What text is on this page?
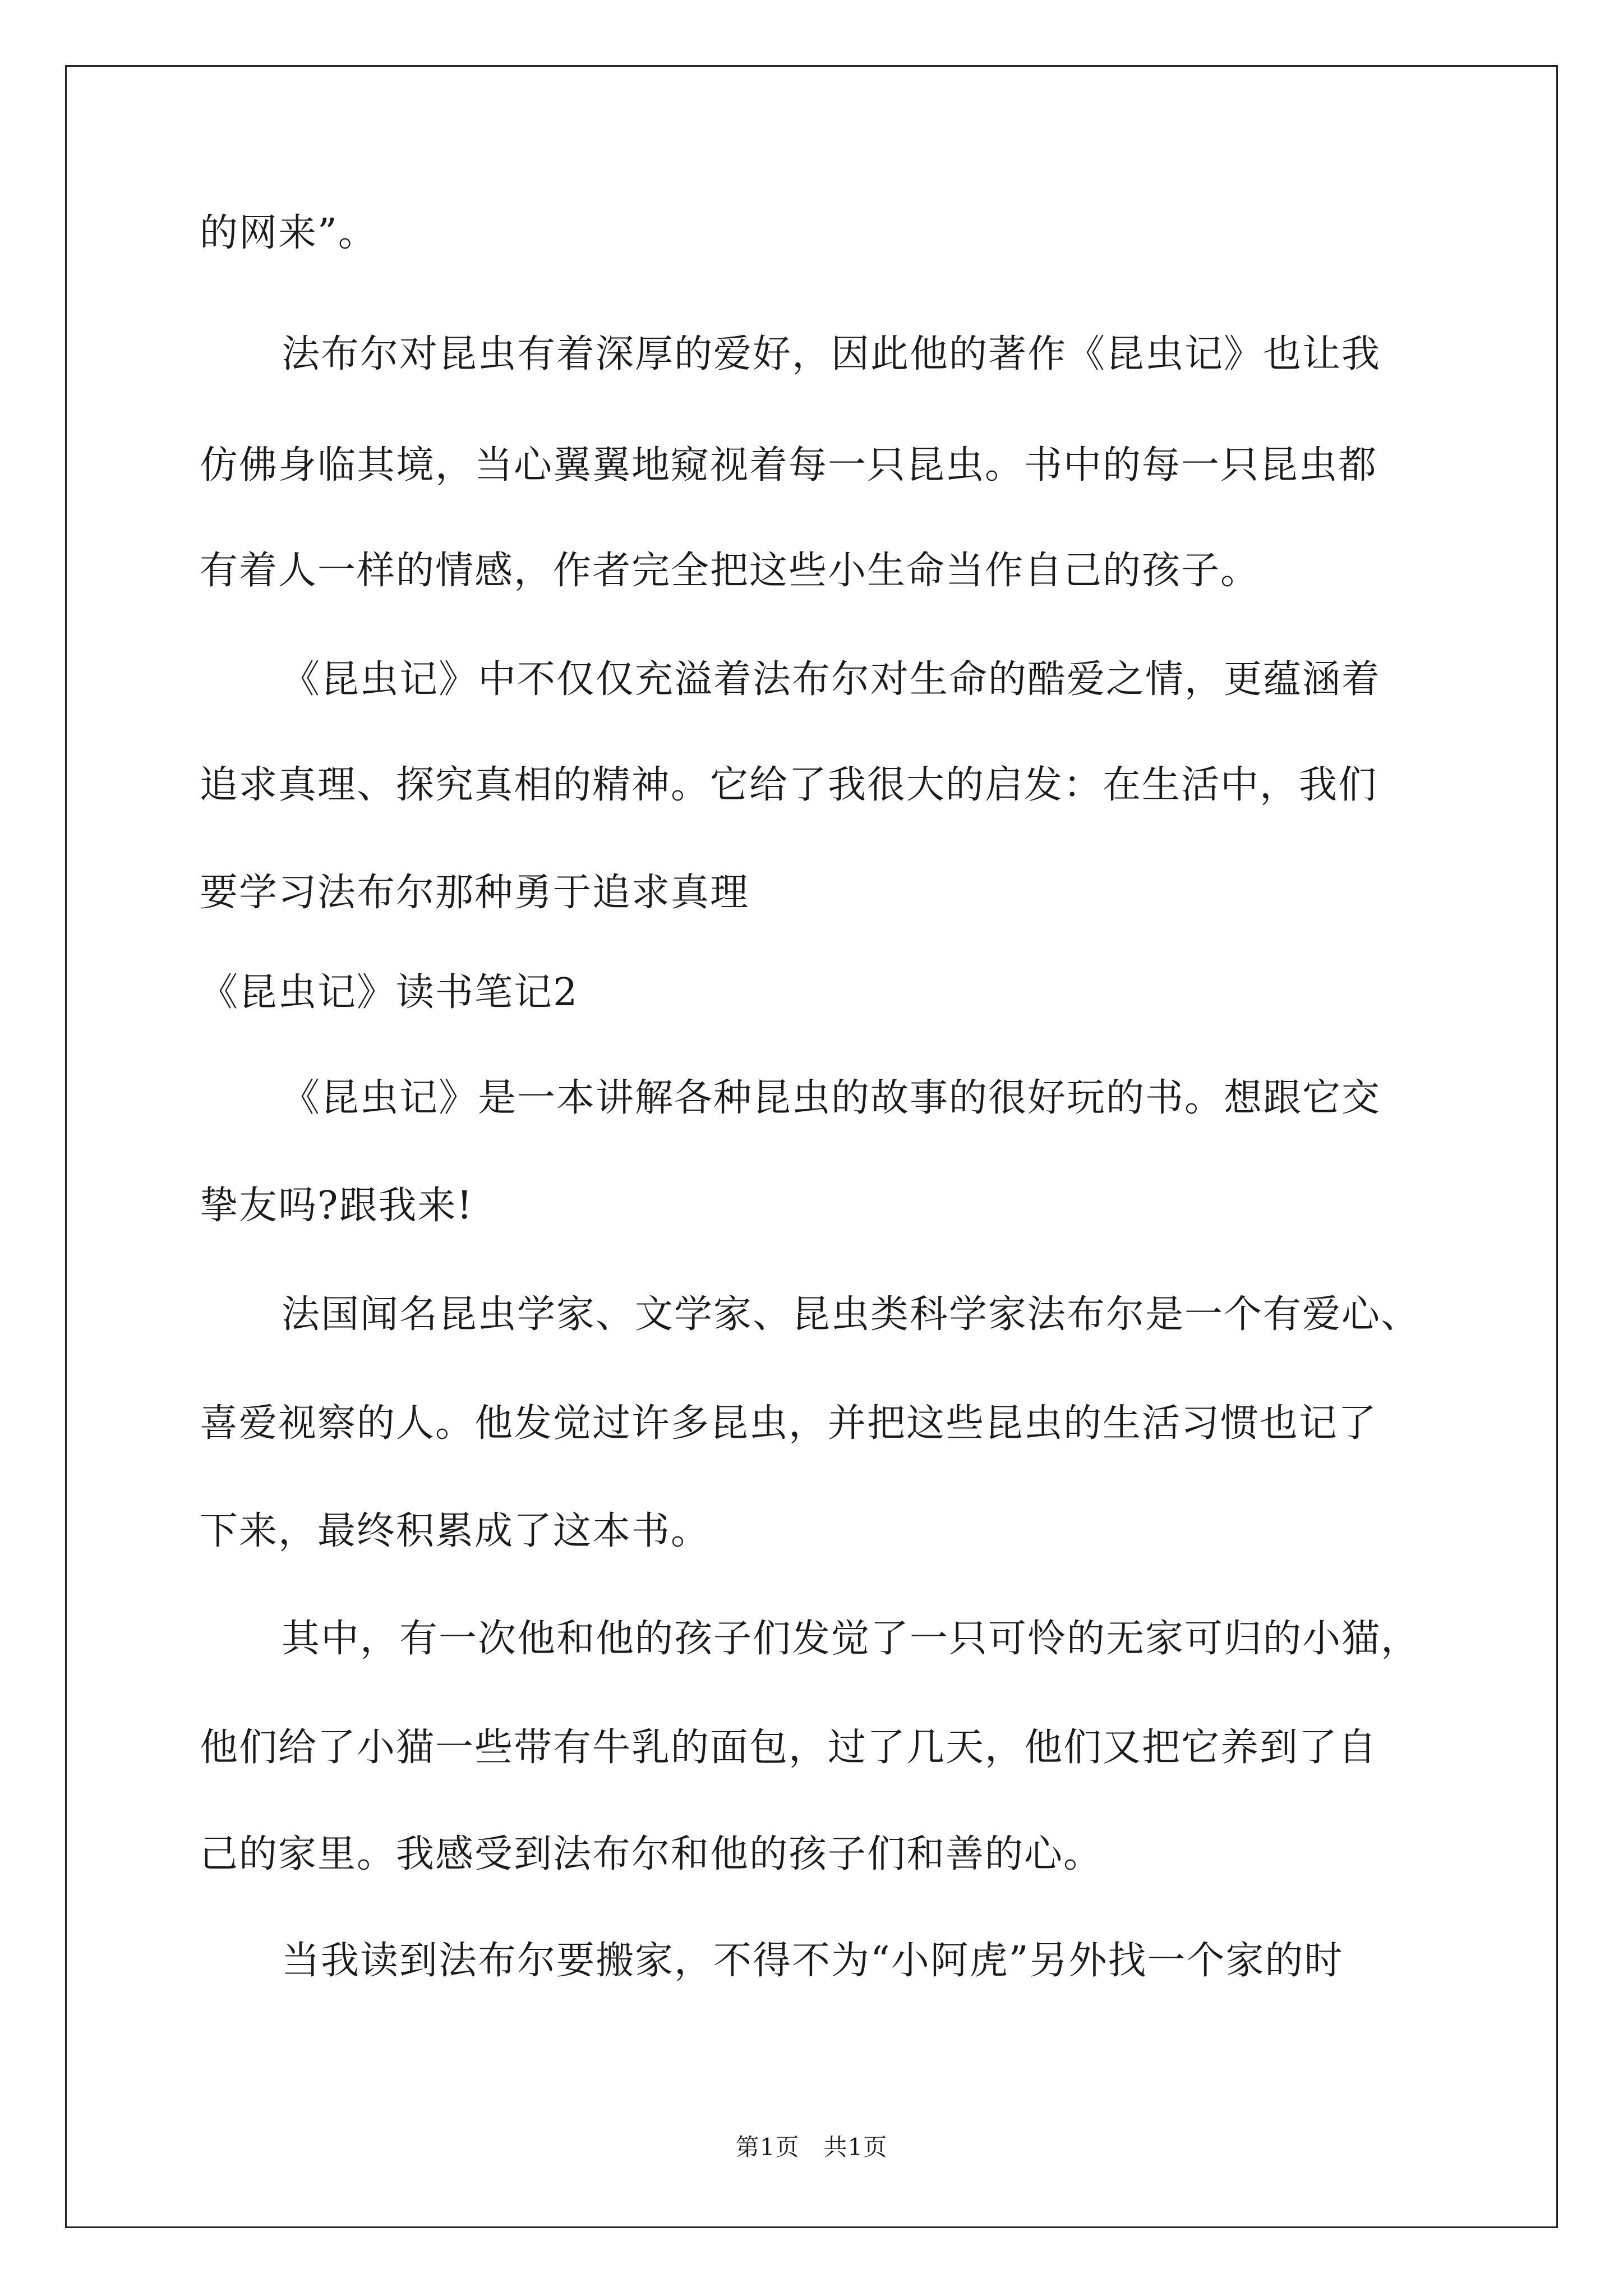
的网来”。
法布尔对昆虫有着深厚的爱好，因此他的著作《昆虫记》也让我
仿佛身临其境，当心翼翼地窥视着每一只昆虫。书中的每一只昆虫都
有着人一样的情感，作者完全把这些小生命当作自己的孩子。
《昆虫记》中不仅仅充溢着法布尔对生命的酷爱之情，更蕴涵着
追求真理、探究真相的精神。它给了我很大的启发：在生活中，我们
要学习法布尔那种勇于追求真理
《昆虫记》读书笔记2
《昆虫记》是一本讲解各种昆虫的故事的很好玩的书。想跟它交
挚友吗?跟我来!
法国闻名昆虫学家、文学家、昆虫类科学家法布尔是一个有爱心、
喜爱视察的人。他发觉过许多昆虫，并把这些昆虫的生活习惯也记了
下来，最终积累成了这本书。
其中，有一次他和他的孩子们发觉了一只可怜的无家可归的小猫，
他们给了小猫一些带有牛乳的面包，过了几天，他们又把它养到了自
己的家里。我感受到法布尔和他的孩子们和善的心。
当我读到法布尔要搬家，不得不为“小阿虎”另外找一个家的时
第1页　共1页
